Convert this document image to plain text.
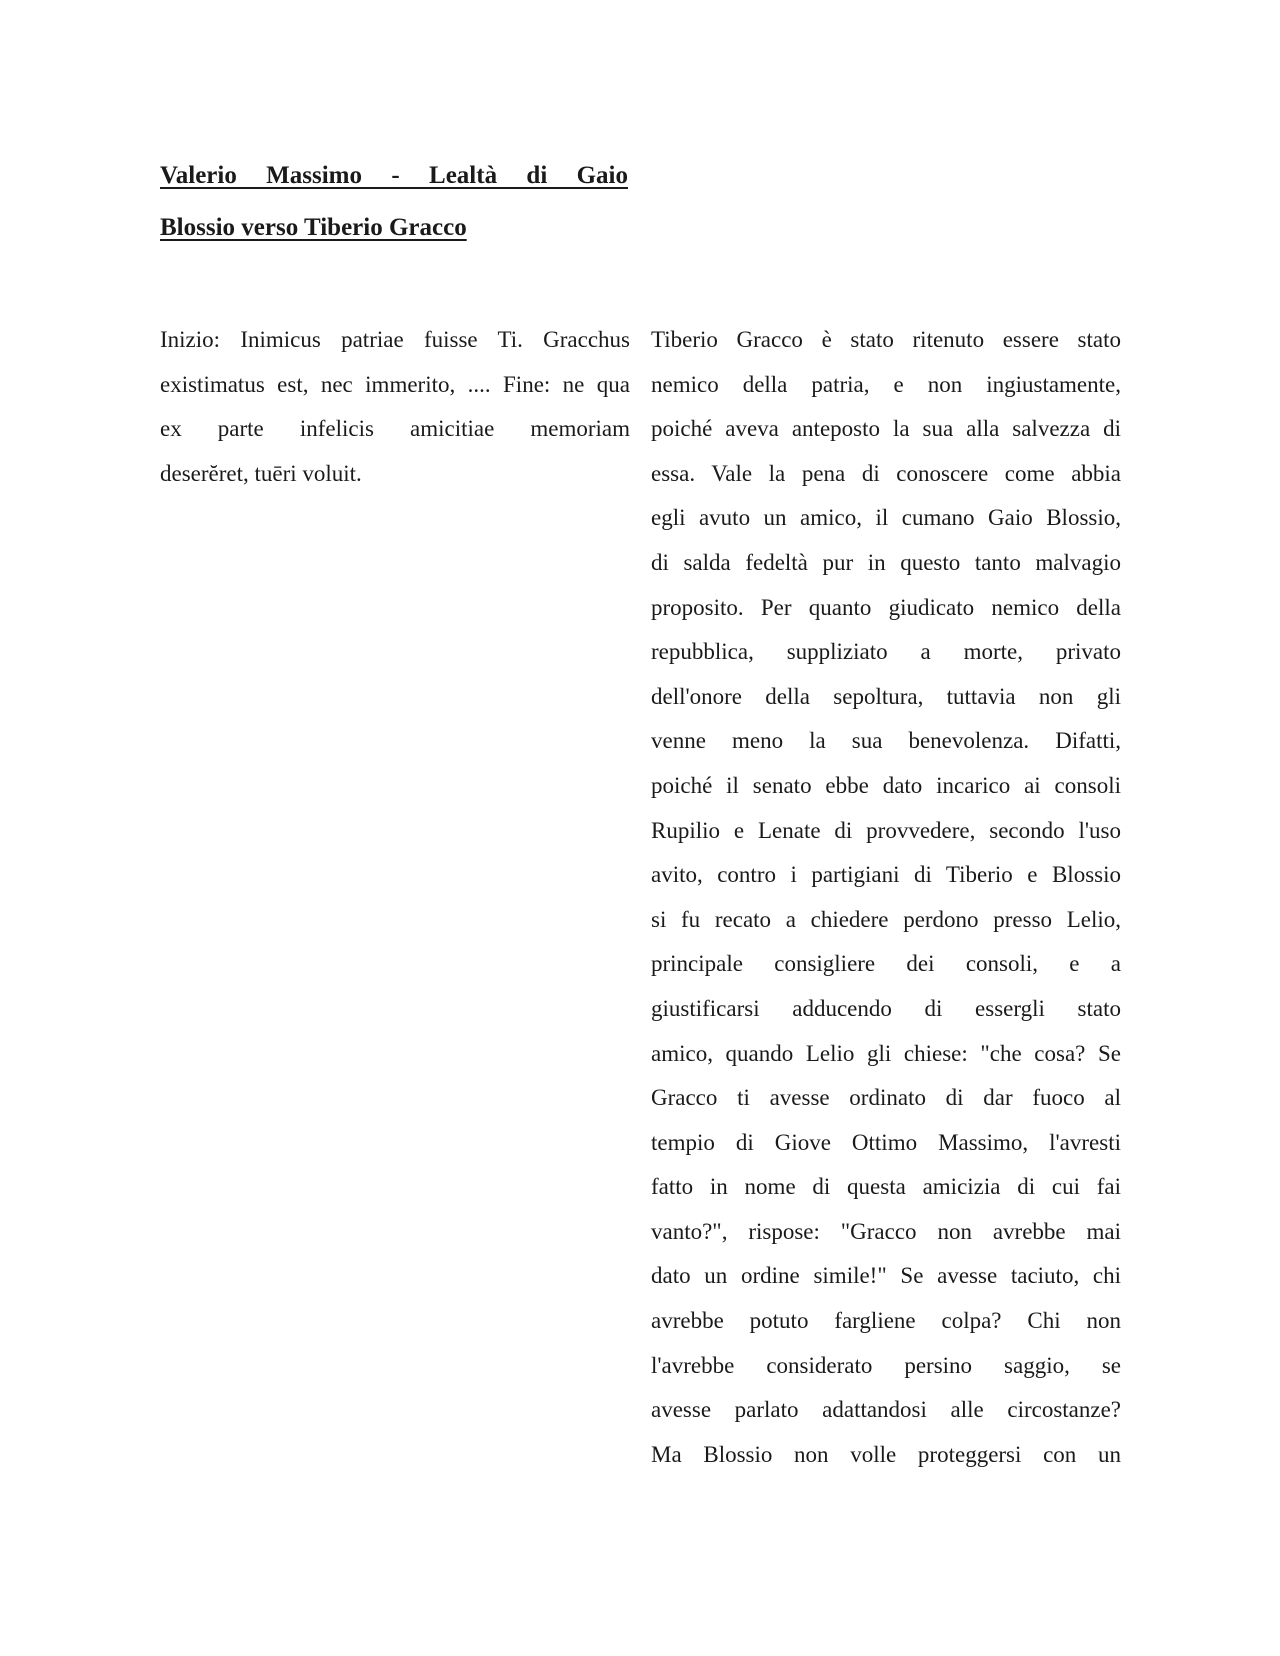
Valerio Massimo - Lealtà di Gaio
Blossio verso Tiberio Gracco
Inizio: Inimicus patriae fuisse Ti. Gracchus
existimatus est, nec immerito, .... Fine: ne qua
ex parte infelicis amicitiae memoriam
deserĕret, tuēri voluit.
Tiberio Gracco è stato ritenuto essere stato
nemico della patria, e non ingiustamente,
poiché aveva anteposto la sua alla salvezza di
essa. Vale la pena di conoscere come abbia
egli avuto un amico, il cumano Gaio Blossio,
di salda fedeltà pur in questo tanto malvagio
proposito. Per quanto giudicato nemico della
repubblica, suppliziato a morte, privato
dell'onore della sepoltura, tuttavia non gli
venne meno la sua benevolenza. Difatti,
poiché il senato ebbe dato incarico ai consoli
Rupilio e Lenate di provvedere, secondo l'uso
avito, contro i partigiani di Tiberio e Blossio
si fu recato a chiedere perdono presso Lelio,
principale consigliere dei consoli, e a
giustificarsi adducendo di essergli stato
amico, quando Lelio gli chiese: "che cosa? Se
Gracco ti avesse ordinato di dar fuoco al
tempio di Giove Ottimo Massimo, l'avresti
fatto in nome di questa amicizia di cui fai
vanto?", rispose: "Gracco non avrebbe mai
dato un ordine simile!" Se avesse taciuto, chi
avrebbe potuto fargliene colpa? Chi non
l'avrebbe considerato persino saggio, se
avesse parlato adattandosi alle circostanze?
Ma Blossio non volle proteggersi con un
